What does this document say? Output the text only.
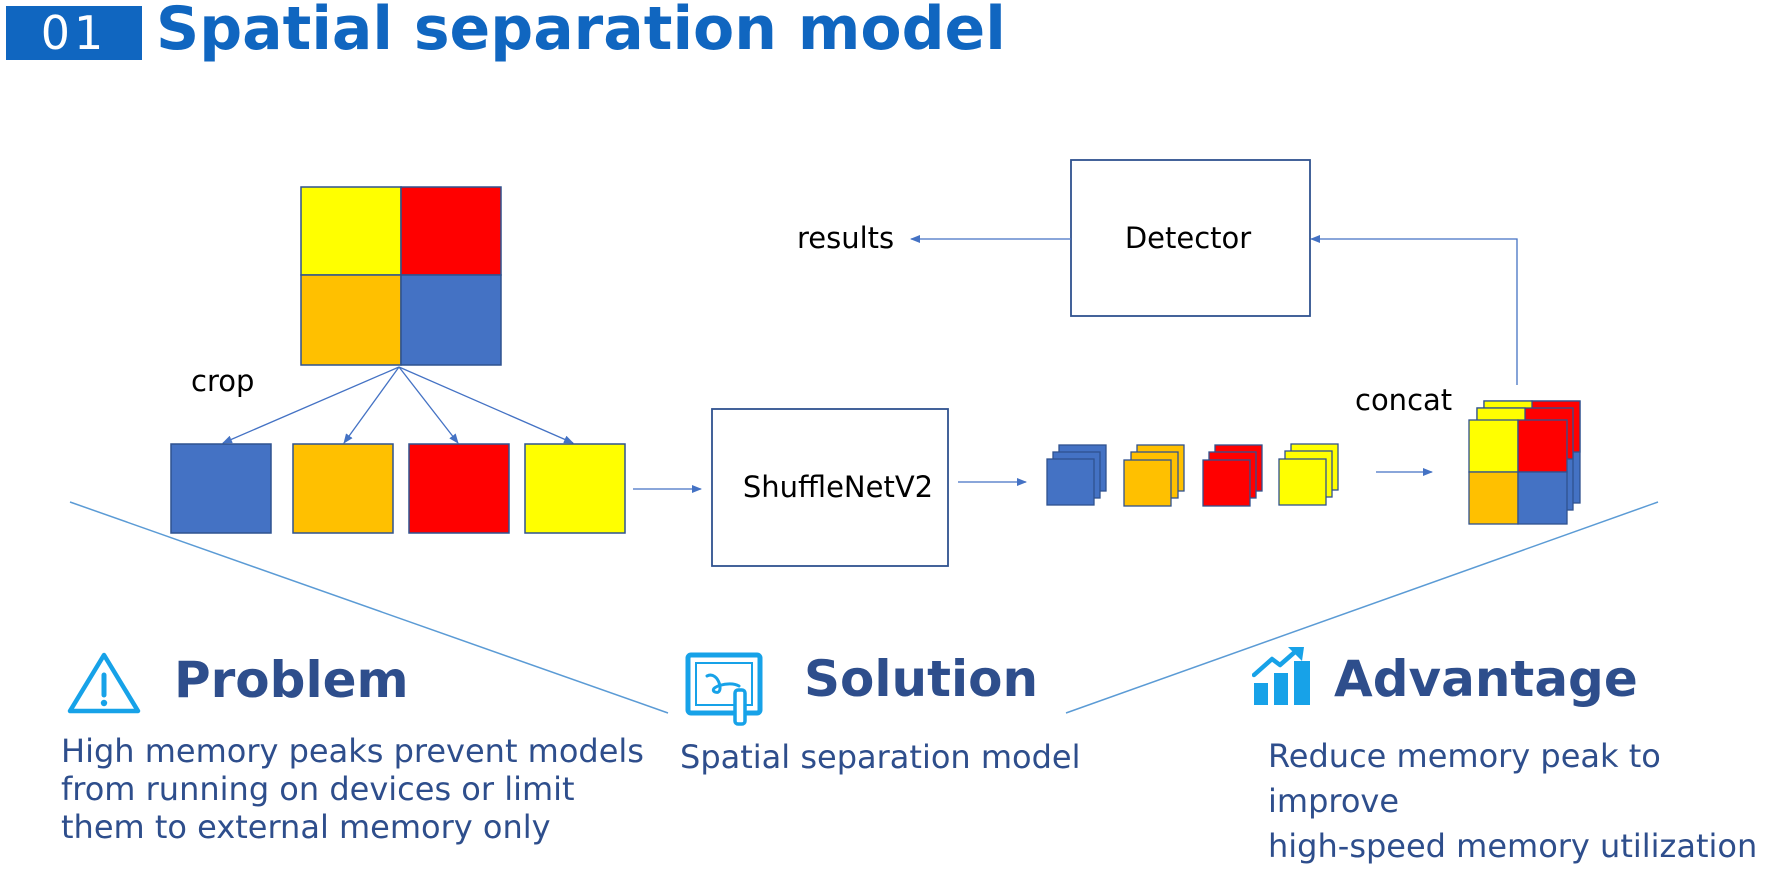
01 Spatial separation model
crop
ShuffleNetV2
concat
Detector
results
Problem
High memory peaks prevent models
from running on devices or limit
them to external memory only
Solution
Spatial separation model
Advantage
Reduce memory peak to improve
high-speed memory utilization
